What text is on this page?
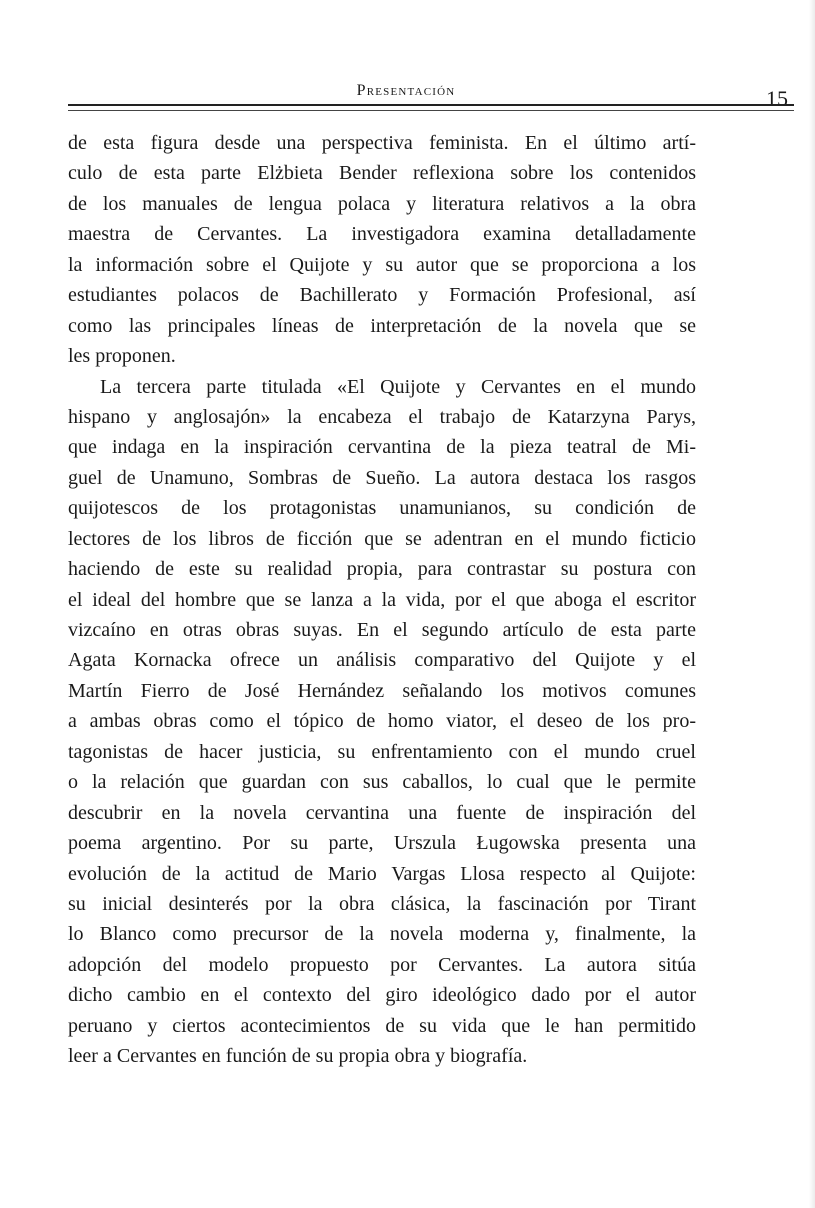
Presentación	15
de esta figura desde una perspectiva feminista. En el último artí-
culo de esta parte Elżbieta Bender reflexiona sobre los contenidos
de los manuales de lengua polaca y literatura relativos a la obra
maestra de Cervantes. La investigadora examina detalladamente
la información sobre el Quijote y su autor que se proporciona a los
estudiantes polacos de Bachillerato y Formación Profesional, así
como las principales líneas de interpretación de la novela que se
les proponen.
La tercera parte titulada «El Quijote y Cervantes en el mundo
hispano y anglosajón» la encabeza el trabajo de Katarzyna Parys,
que indaga en la inspiración cervantina de la pieza teatral de Mi-
guel de Unamuno, Sombras de Sueño. La autora destaca los rasgos
quijotescos de los protagonistas unamunianos, su condición de
lectores de los libros de ficción que se adentran en el mundo ficticio
haciendo de este su realidad propia, para contrastar su postura con
el ideal del hombre que se lanza a la vida, por el que aboga el escritor
vizcaíno en otras obras suyas. En el segundo artículo de esta parte
Agata Kornacka ofrece un análisis comparativo del Quijote y el
Martín Fierro de José Hernández señalando los motivos comunes
a ambas obras como el tópico de homo viator, el deseo de los pro-
tagonistas de hacer justicia, su enfrentamiento con el mundo cruel
o la relación que guardan con sus caballos, lo cual que le permite
descubrir en la novela cervantina una fuente de inspiración del
poema argentino. Por su parte, Urszula Ługowska presenta una
evolución de la actitud de Mario Vargas Llosa respecto al Quijote:
su inicial desinterés por la obra clásica, la fascinación por Tirant
lo Blanco como precursor de la novela moderna y, finalmente, la
adopción del modelo propuesto por Cervantes. La autora sitúa
dicho cambio en el contexto del giro ideológico dado por el autor
peruano y ciertos acontecimientos de su vida que le han permitido
leer a Cervantes en función de su propia obra y biografía.
